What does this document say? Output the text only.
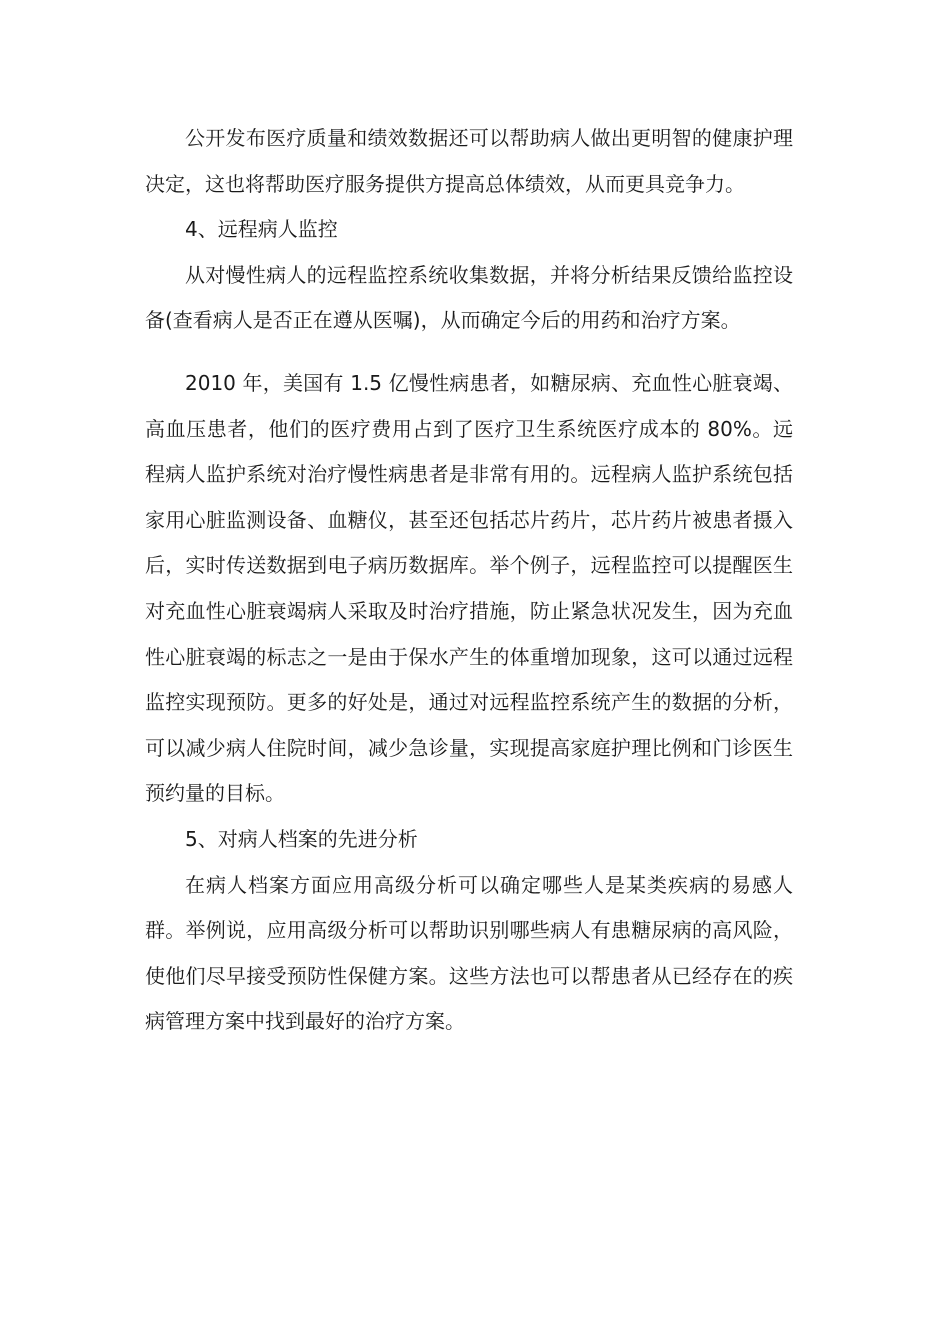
公开发布医疗质量和绩效数据还可以帮助病人做出更明智的健康护理决定，这也将帮助医疗服务提供方提高总体绩效，从而更具竞争力。

4、远程病人监控

从对慢性病人的远程监控系统收集数据，并将分析结果反馈给监控设备(查看病人是否正在遵从医嘱)，从而确定今后的用药和治疗方案。

2010 年，美国有 1.5 亿慢性病患者，如糖尿病、充血性心脏衰竭、高血压患者，他们的医疗费用占到了医疗卫生系统医疗成本的 80%。远程病人监护系统对治疗慢性病患者是非常有用的。远程病人监护系统包括家用心脏监测设备、血糖仪，甚至还包括芯片药片，芯片药片被患者摄入后，实时传送数据到电子病历数据库。举个例子，远程监控可以提醒医生对充血性心脏衰竭病人采取及时治疗措施，防止紧急状况发生，因为充血性心脏衰竭的标志之一是由于保水产生的体重增加现象，这可以通过远程监控实现预防。更多的好处是，通过对远程监控系统产生的数据的分析，可以减少病人住院时间，减少急诊量，实现提高家庭护理比例和门诊医生预约量的目标。

5、对病人档案的先进分析

在病人档案方面应用高级分析可以确定哪些人是某类疾病的易感人群。举例说，应用高级分析可以帮助识别哪些病人有患糖尿病的高风险，使他们尽早接受预防性保健方案。这些方法也可以帮患者从已经存在的疾病管理方案中找到最好的治疗方案。
